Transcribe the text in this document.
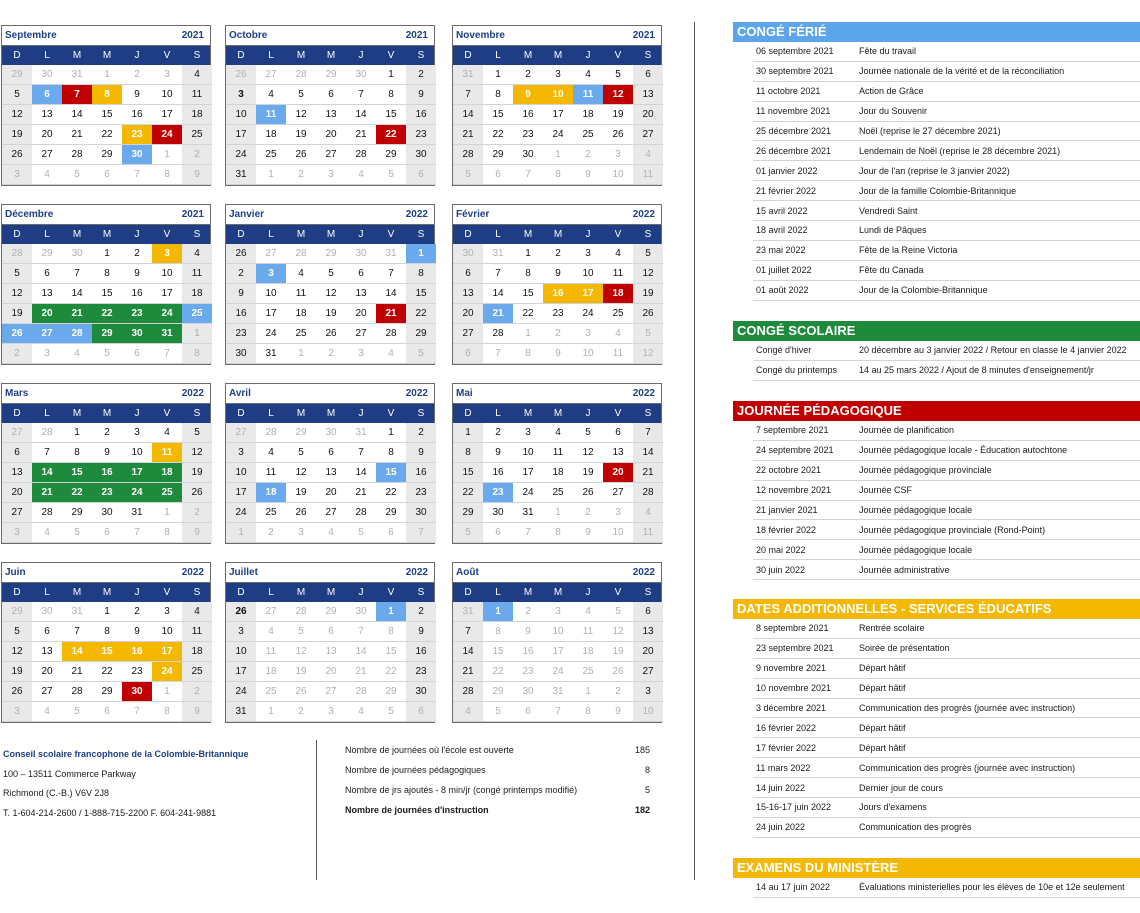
Septembre	2021
D	L	M	M	J	V	S
29	30	31	1	2	3	4
5	6	7	8	9	10	11
12	13	14	15	16	17	18
19	20	21	22	23	24	25
26	27	28	29	30	1	2
3	4	5	6	7	8	9
Octobre	2021
D	L	M	M	J	V	S
26	27	28	29	30	1	2
3	4	5	6	7	8	9
10	11	12	13	14	15	16
17	18	19	20	21	22	23
24	25	26	27	28	29	30
31	1	2	3	4	5	6
Novembre	2021
D	L	M	M	J	V	S
31	1	2	3	4	5	6
7	8	9	10	11	12	13
14	15	16	17	18	19	20
21	22	23	24	25	26	27
28	29	30	1	2	3	4
5	6	7	8	9	10	11
Décembre	2021
D	L	M	M	J	V	S
28	29	30	1	2	3	4
5	6	7	8	9	10	11
12	13	14	15	16	17	18
19	20	21	22	23	24	25
26	27	28	29	30	31	1
2	3	4	5	6	7	8
Janvier	2022
D	L	M	M	J	V	S
26	27	28	29	30	31	1
2	3	4	5	6	7	8
9	10	11	12	13	14	15
16	17	18	19	20	21	22
23	24	25	26	27	28	29
30	31	1	2	3	4	5
Février	2022
D	L	M	M	J	V	S
30	31	1	2	3	4	5
6	7	8	9	10	11	12
13	14	15	16	17	18	19
20	21	22	23	24	25	26
27	28	1	2	3	4	5
6	7	8	9	10	11	12
Mars	2022
D	L	M	M	J	V	S
27	28	1	2	3	4	5
6	7	8	9	10	11	12
13	14	15	16	17	18	19
20	21	22	23	24	25	26
27	28	29	30	31	1	2
3	4	5	6	7	8	9
Avril	2022
D	L	M	M	J	V	S
27	28	29	30	31	1	2
3	4	5	6	7	8	9
10	11	12	13	14	15	16
17	18	19	20	21	22	23
24	25	26	27	28	29	30
1	2	3	4	5	6	7
Mai	2022
D	L	M	M	J	V	S
1	2	3	4	5	6	7
8	9	10	11	12	13	14
15	16	17	18	19	20	21
22	23	24	25	26	27	28
29	30	31	1	2	3	4
5	6	7	8	9	10	11
Juin	2022
D	L	M	M	J	V	S
29	30	31	1	2	3	4
5	6	7	8	9	10	11
12	13	14	15	16	17	18
19	20	21	22	23	24	25
26	27	28	29	30	1	2
3	4	5	6	7	8	9
Juillet	2022
D	L	M	M	J	V	S
26	27	28	29	30	1	2
3	4	5	6	7	8	9
10	11	12	13	14	15	16
17	18	19	20	21	22	23
24	25	26	27	28	29	30
31	1	2	3	4	5	6
Août	2022
D	L	M	M	J	V	S
31	1	2	3	4	5	6
7	8	9	10	11	12	13
14	15	16	17	18	19	20
21	22	23	24	25	26	27
28	29	30	31	1	2	3
4	5	6	7	8	9	10
Conseil scolaire francophone de la Colombie-Britannique
100 – 13511 Commerce Parkway
Richmond (C.-B.) V6V 2J8
T. 1-604-214-2600 / 1-888-715-2200 F. 604-241-9881
Nombre de journées où l'école est ouverte	185
Nombre de journées pédagogiques	8
Nombre de jrs ajoutés - 8 min/jr (congé printemps modifié)	5
Nombre de journées d'instruction	182
CONGÉ FÉRIÉ
06 septembre 2021	Fête du travail
30 septembre 2021	Journée nationale de la vérité et de la réconciliation
11 octobre 2021	Action de Grâce
11 novembre 2021	Jour du Souvenir
25 décembre 2021	Noël (reprise le 27 décembre 2021)
26 décembre 2021	Lendemain de Noël (reprise le 28 décembre 2021)
01 janvier 2022	Jour de l'an (reprise le 3 janvier 2022)
21 février 2022	Jour de la famille Colombie-Britannique
15 avril 2022	Vendredi Saint
18 avril 2022	Lundi de Pâques
23 mai 2022	Fête de la Reine Victoria
01 juillet 2022	Fête du Canada
01 août 2022	Jour de la Colombie-Britannique
CONGÉ SCOLAIRE
Congé d'hiver	20 décembre au 3 janvier 2022 / Retour en classe le 4 janvier 2022
Congé du printemps	14 au 25 mars 2022 / Ajout de 8 minutes d'enseignement/jr
JOURNÉE PÉDAGOGIQUE
7 septembre 2021	Journée de planification
24 septembre 2021	Journée pédagogique locale - Éducation autochtone
22 octobre 2021	Journée pédagogique provinciale
12 novembre 2021	Journée CSF
21 janvier 2021	Journée pédagogique locale
18 février 2022	Journée pédagogique provinciale (Rond-Point)
20 mai 2022	Journée pédagogique locale
30 juin 2022	Journée administrative
DATES ADDITIONNELLES - SERVICES ÉDUCATIFS
8 septembre 2021	Rentrée scolaire
23 septembre 2021	Soirée de présentation
9 novembre 2021	Départ hâtif
10 novembre 2021	Départ hâtif
3 décembre 2021	Communication des progrès (journée avec instruction)
16 février 2022	Départ hâtif
17 février 2022	Départ hâtif
11 mars 2022	Communication des progrès (journée avec instruction)
14 juin 2022	Dernier jour de cours
15-16-17 juin 2022	Jours d'examens
24 juin 2022	Communication des progrès
EXAMENS DU MINISTÈRE
14 au 17 juin 2022	Évaluations ministerielles pour les élèves de 10e et 12e seulement
